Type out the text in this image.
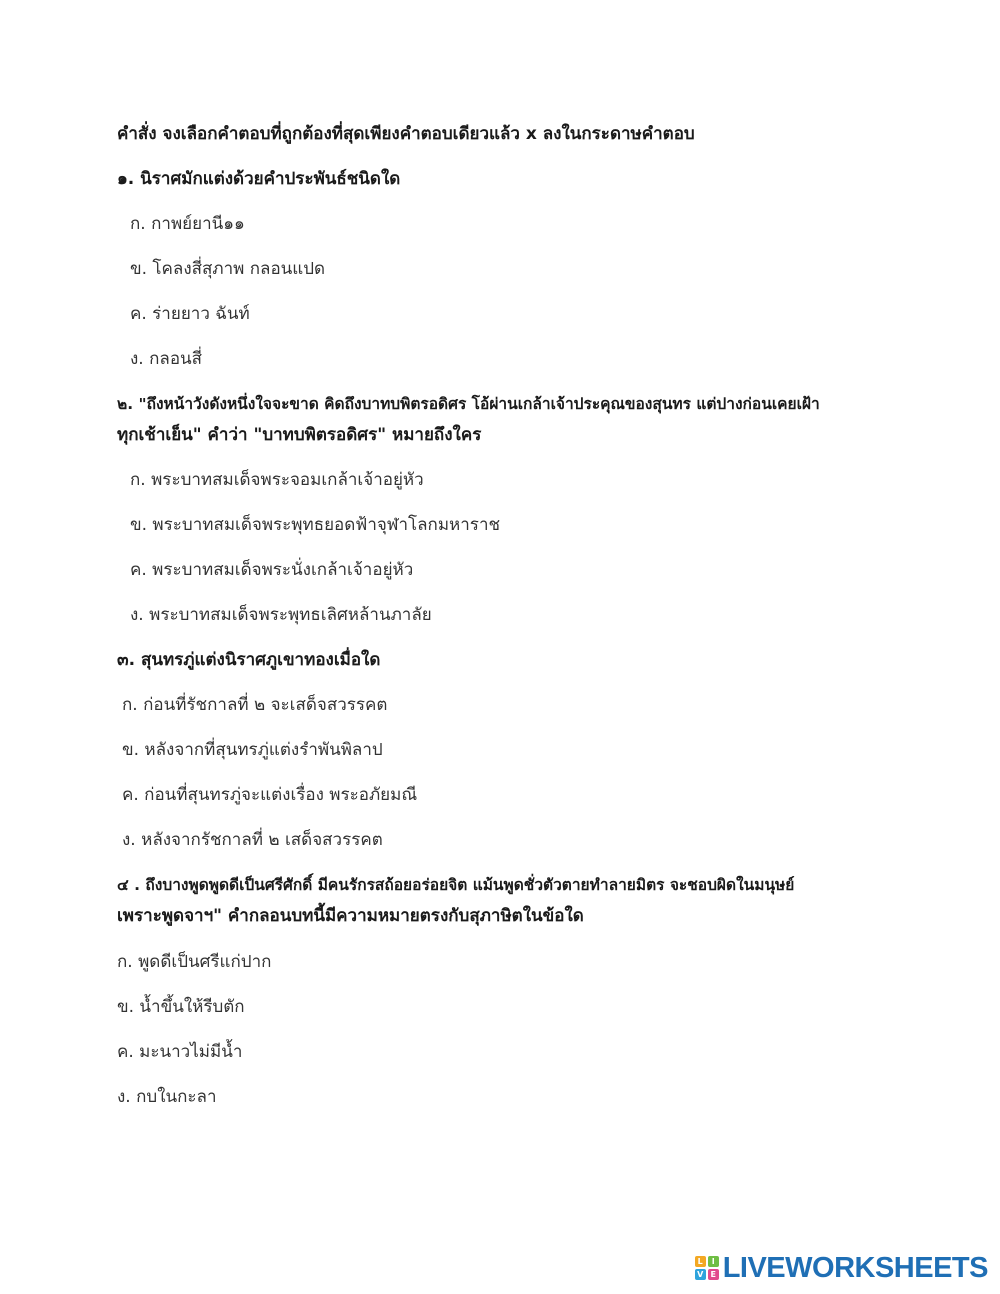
คำสั่ง จงเลือกคำตอบที่ถูกต้องที่สุดเพียงคำตอบเดียวแล้ว x ลงในกระดาษคำตอบ
๑. นิราศมักแต่งด้วยคำประพันธ์ชนิดใด
ก. กาพย์ยานี๑๑
ข. โคลงสี่สุภาพ กลอนแปด
ค. ร่ายยาว ฉันท์
ง. กลอนสี่
๒. "ถึงหน้าวังดังหนึ่งใจจะขาด คิดถึงบาทบพิตรอดิศร โอ้ผ่านเกล้าเจ้าประคุณของสุนทร แต่ปางก่อนเคยเฝ้า
ทุกเช้าเย็น" คำว่า "บาทบพิตรอดิศร" หมายถึงใคร
ก. พระบาทสมเด็จพระจอมเกล้าเจ้าอยู่หัว
ข. พระบาทสมเด็จพระพุทธยอดฟ้าจุฬาโลกมหาราช
ค. พระบาทสมเด็จพระนั่งเกล้าเจ้าอยู่หัว
ง. พระบาทสมเด็จพระพุทธเลิศหล้านภาลัย
๓. สุนทรภู่แต่งนิราศภูเขาทองเมื่อใด
ก. ก่อนที่รัชกาลที่ ๒ จะเสด็จสวรรคต
ข. หลังจากที่สุนทรภู่แต่งรำพันพิลาป
ค. ก่อนที่สุนทรภู่จะแต่งเรื่อง พระอภัยมณี
ง. หลังจากรัชกาลที่ ๒ เสด็จสวรรคต
๔ . ถึงบางพูดพูดดีเป็นศรีศักดิ์ มีคนรักรสถ้อยอร่อยจิต แม้นพูดชั่วตัวตายทำลายมิตร จะชอบผิดในมนุษย์
เพราะพูดจาฯ" คำกลอนบทนี้มีความหมายตรงกับสุภาษิตในข้อใด
ก. พูดดีเป็นศรีแก่ปาก
ข. น้ำขึ้นให้รีบตัก
ค. มะนาวไม่มีน้ำ
ง. กบในกะลา
L	I
V E LIVEWORKSHEETS
